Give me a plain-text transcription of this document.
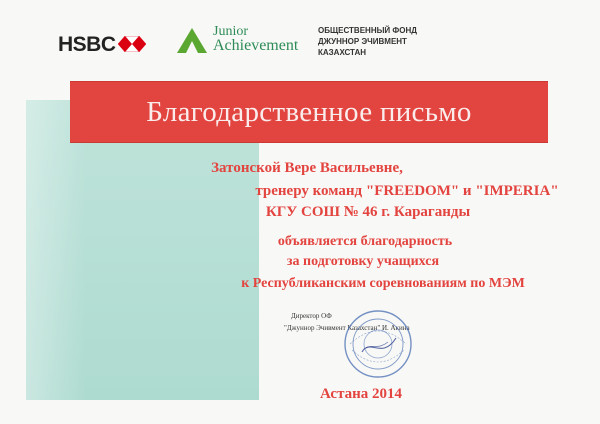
HSBC
Junior
Achievement
ОБЩЕСТВЕННЫЙ ФОНД
ДЖУННОР ЭЧИВМЕНТ
КАЗАХСТАН
Благодарственное письмо
Затонской Вере Васильевне,
тренеру команд "FREEDOM" и "IMPERIA"
КГУ СОШ № 46 г. Караганды
объявляется благодарность
за подготовку учащихся
к Республиканским соревнованиям по МЭМ
Директор ОФ
"Джуннор Эчивмент Казахстан" И. Акина
Астана 2014
